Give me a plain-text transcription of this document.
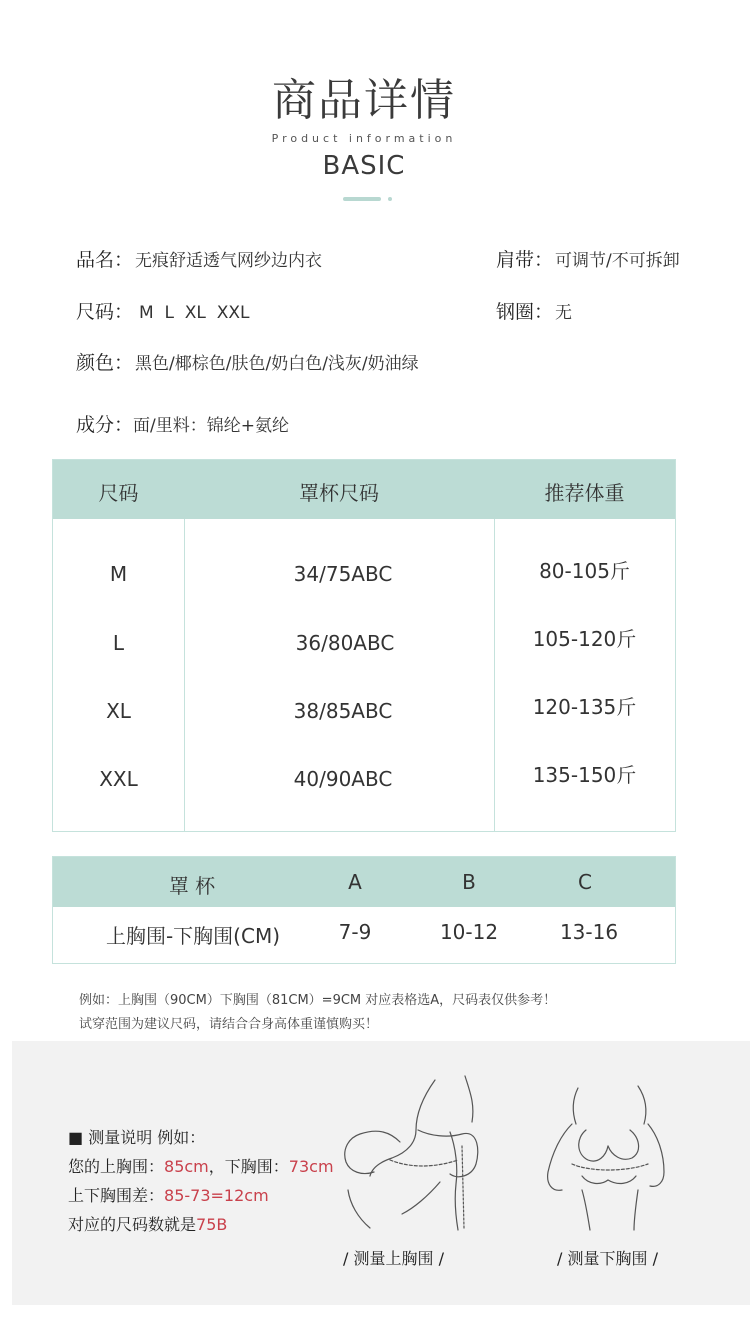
商品详情
Product information
BASIC
品名： 无痕舒适透气网纱边内衣	肩带： 可调节/不可拆卸
尺码： M  L  XL  XXL	钢圈： 无
颜色： 黑色/椰棕色/肤色/奶白色/浅灰/奶油绿
成分：面/里料：锦纶+氨纶
尺码	罩杯尺码	推荐体重
M	34/75ABC	80-105斤
L	36/80ABC	105-120斤
XL	38/85ABC	120-135斤
XXL	40/90ABC	135-150斤
罩 杯	A	B	C
上胸围-下胸围(CM)	7-9	10-12	13-16
例如：上胸围（90CM）下胸围（81CM）=9CM 对应表格选A，尺码表仅供参考！
试穿范围为建议尺码，请结合合身高体重谨慎购买！
■ 测量说明 例如：
您的上胸围：85cm，下胸围：73cm
上下胸围差：85-73=12cm
对应的尺码数就是75B
/ 测量上胸围 /	/ 测量下胸围 /
